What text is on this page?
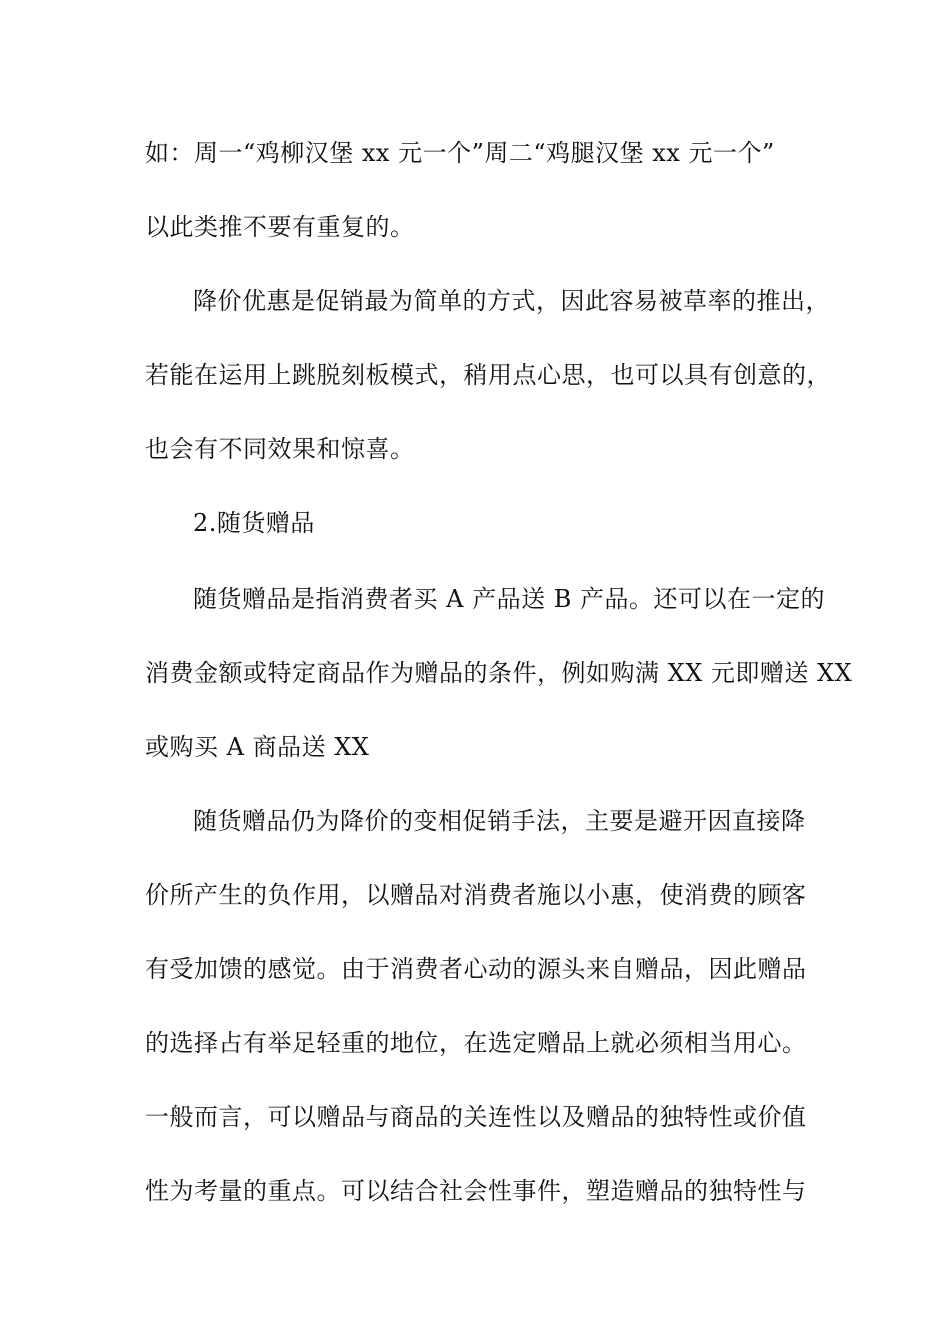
如：周一“鸡柳汉堡 xx 元一个”周二“鸡腿汉堡 xx 元一个”
以此类推不要有重复的。
降价优惠是促销最为简单的方式，因此容易被草率的推出，
若能在运用上跳脱刻板模式，稍用点心思，也可以具有创意的，
也会有不同效果和惊喜。
2.随货赠品
随货赠品是指消费者买 A 产品送 B 产品。还可以在一定的
消费金额或特定商品作为赠品的条件，例如购满 XX 元即赠送 XX
或购买 A 商品送 XX
随货赠品仍为降价的变相促销手法，主要是避开因直接降
价所产生的负作用，以赠品对消费者施以小惠，使消费的顾客
有受加馈的感觉。由于消费者心动的源头来自赠品，因此赠品
的选择占有举足轻重的地位，在选定赠品上就必须相当用心。
一般而言，可以赠品与商品的关连性以及赠品的独特性或价值
性为考量的重点。可以结合社会性事件，塑造赠品的独特性与
